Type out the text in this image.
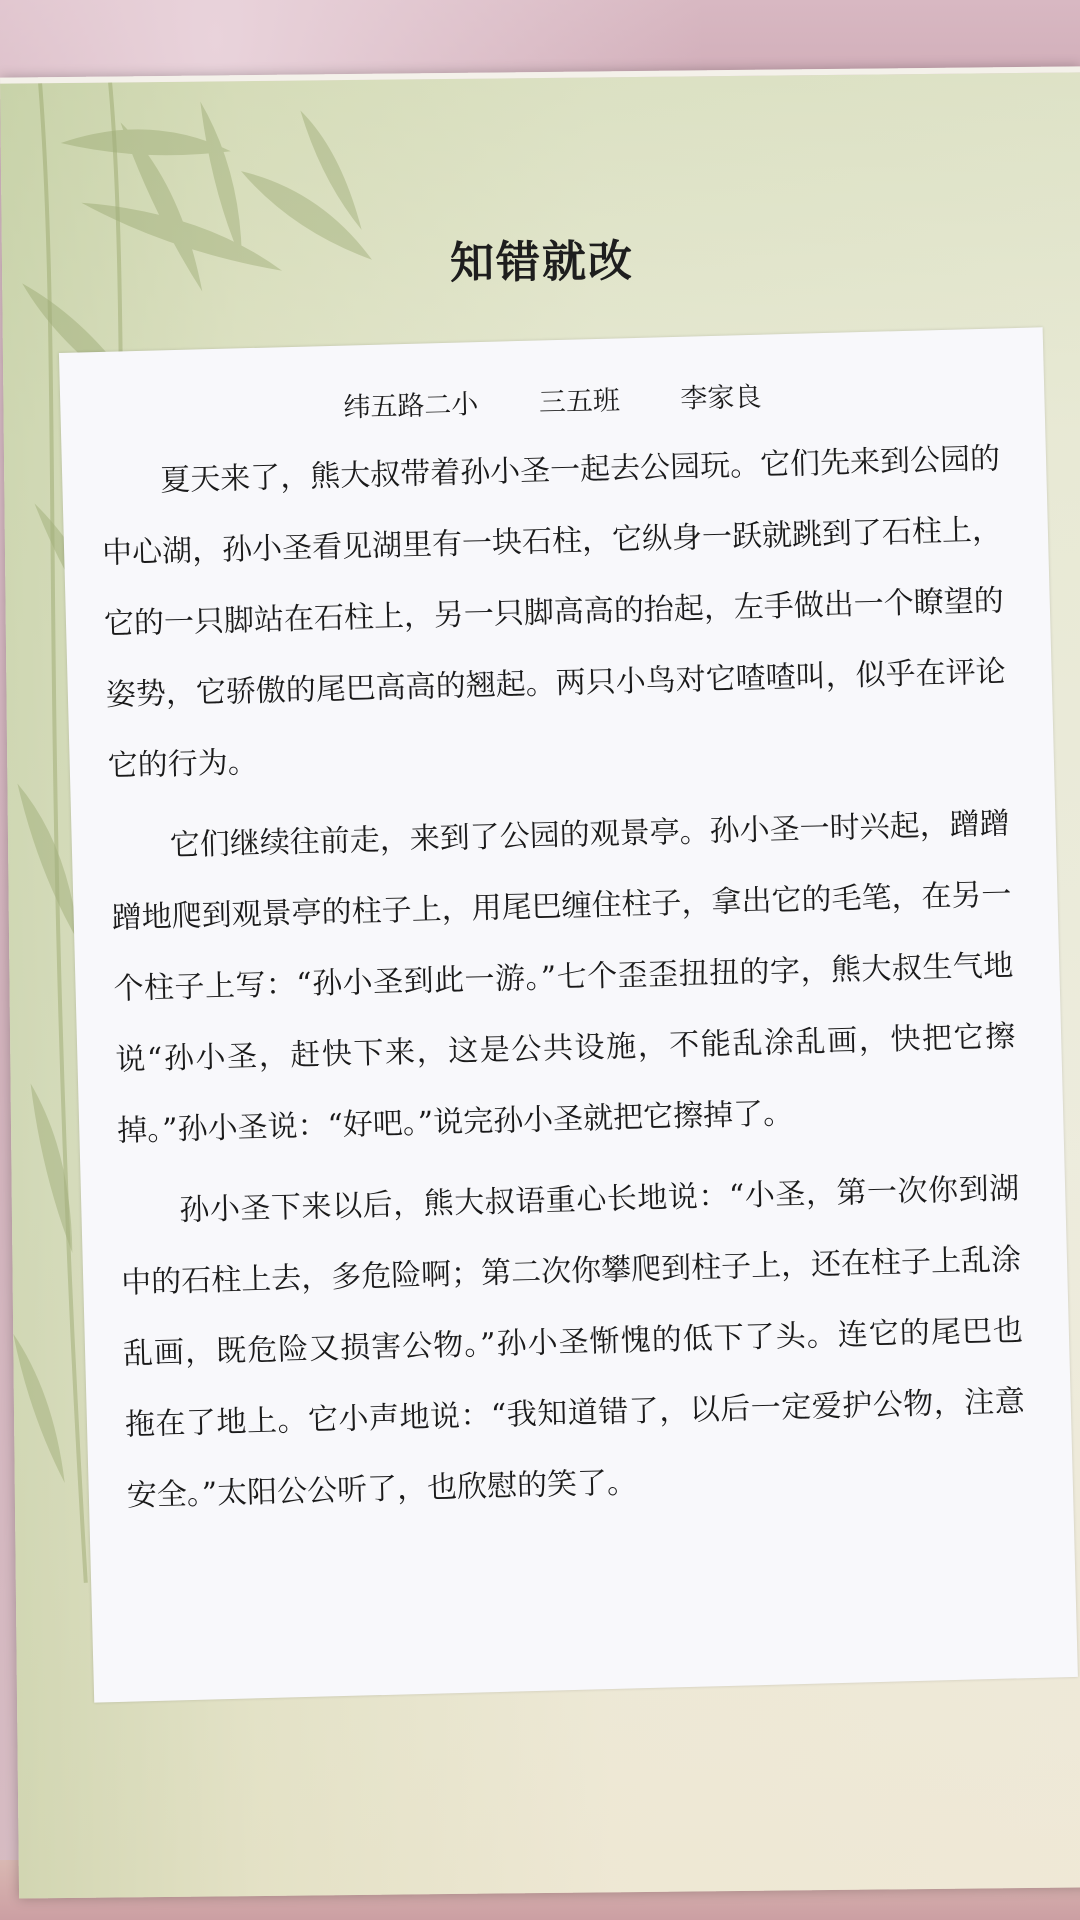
知错就改
纬五路二小 三五班 李家良

夏天来了，熊大叔带着孙小圣一起去公园玩。它们先来到公园的中心湖，孙小圣看见湖里有一块石柱，它纵身一跃就跳到了石柱上，它的一只脚站在石柱上，另一只脚高高的抬起，左手做出一个瞭望的姿势，它骄傲的尾巴高高的翘起。两只小鸟对它喳喳叫，似乎在评论它的行为。

它们继续往前走，来到了公园的观景亭。孙小圣一时兴起，蹭蹭蹭地爬到观景亭的柱子上，用尾巴缠住柱子，拿出它的毛笔，在另一个柱子上写：“孙小圣到此一游。”七个歪歪扭扭的字，熊大叔生气地说“孙小圣，赶快下来，这是公共设施，不能乱涂乱画，快把它擦掉。”孙小圣说：“好吧。”说完孙小圣就把它擦掉了。

孙小圣下来以后，熊大叔语重心长地说：“小圣，第一次你到湖中的石柱上去，多危险啊；第二次你攀爬到柱子上，还在柱子上乱涂乱画，既危险又损害公物。”孙小圣惭愧的低下了头。连它的尾巴也拖在了地上。它小声地说：“我知道错了，以后一定爱护公物，注意安全。”太阳公公听了，也欣慰的笑了。
